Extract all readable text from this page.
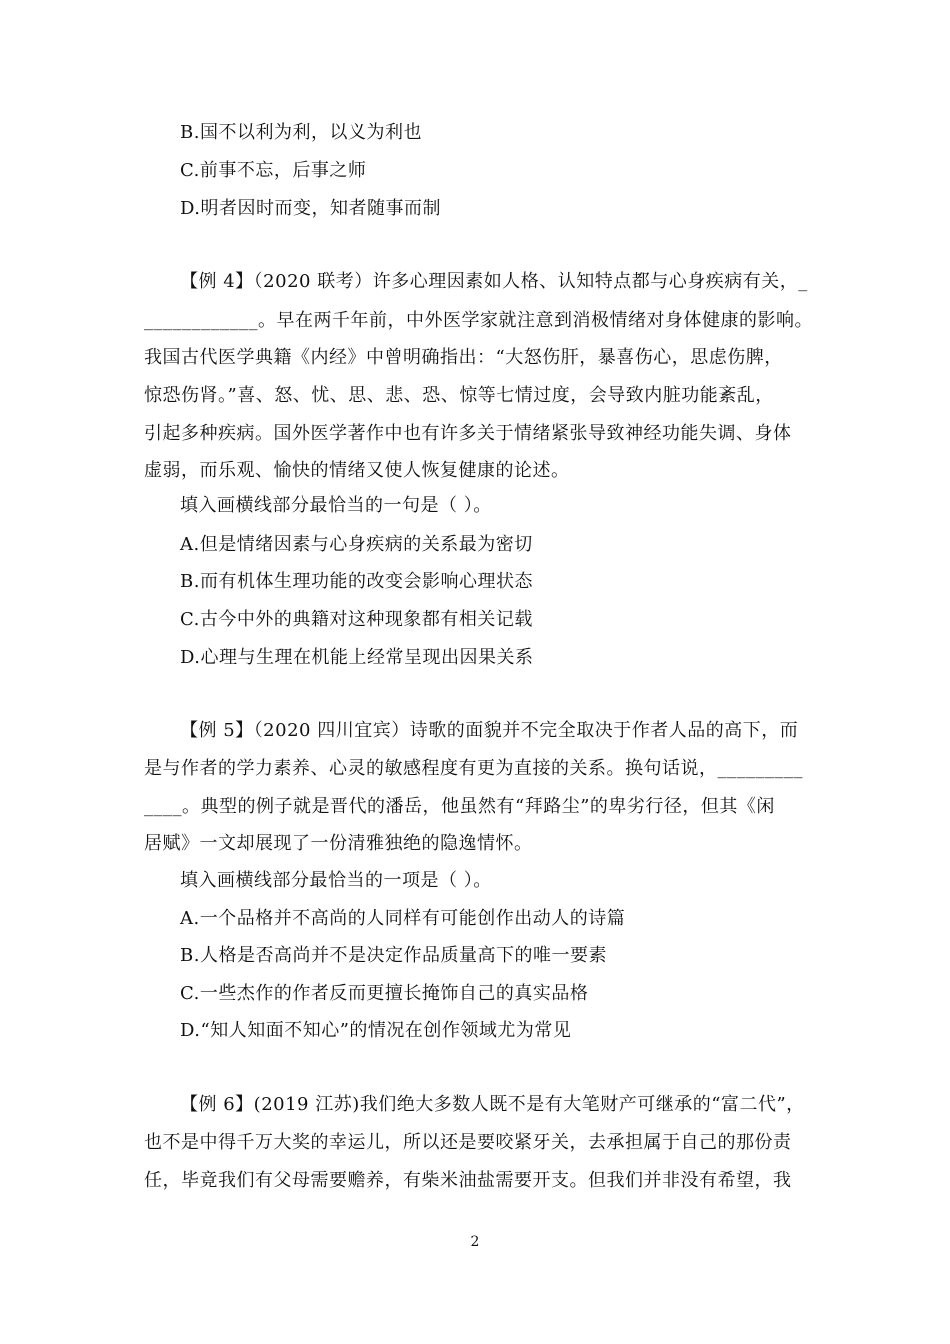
B.国不以利为利，以义为利也
C.前事不忘，后事之师
D.明者因时而变，知者随事而制
【例 4】（2020 联考）许多心理因素如人格、认知特点都与心身疾病有关，_
____________。早在两千年前，中外医学家就注意到消极情绪对身体健康的影响。
我国古代医学典籍《内经》中曾明确指出：“大怒伤肝，暴喜伤心，思虑伤脾，
惊恐伤肾。”喜、怒、忧、思、悲、恐、惊等七情过度，会导致内脏功能紊乱，
引起多种疾病。国外医学著作中也有许多关于情绪紧张导致神经功能失调、身体
虚弱，而乐观、愉快的情绪又使人恢复健康的论述。
填入画横线部分最恰当的一句是（ ）。
A.但是情绪因素与心身疾病的关系最为密切
B.而有机体生理功能的改变会影响心理状态
C.古今中外的典籍对这种现象都有相关记载
D.心理与生理在机能上经常呈现出因果关系
【例 5】（2020 四川宜宾）诗歌的面貌并不完全取决于作者人品的高下，而
是与作者的学力素养、心灵的敏感程度有更为直接的关系。换句话说，_________
____。典型的例子就是晋代的潘岳，他虽然有“拜路尘”的卑劣行径，但其《闲
居赋》一文却展现了一份清雅独绝的隐逸情怀。
填入画横线部分最恰当的一项是（ ）。
A.一个品格并不高尚的人同样有可能创作出动人的诗篇
B.人格是否高尚并不是决定作品质量高下的唯一要素
C.一些杰作的作者反而更擅长掩饰自己的真实品格
D.“知人知面不知心”的情况在创作领域尤为常见
【例 6】(2019 江苏)我们绝大多数人既不是有大笔财产可继承的“富二代”，
也不是中得千万大奖的幸运儿，所以还是要咬紧牙关，去承担属于自己的那份责
任，毕竟我们有父母需要赡养，有柴米油盐需要开支。但我们并非没有希望，我
2
